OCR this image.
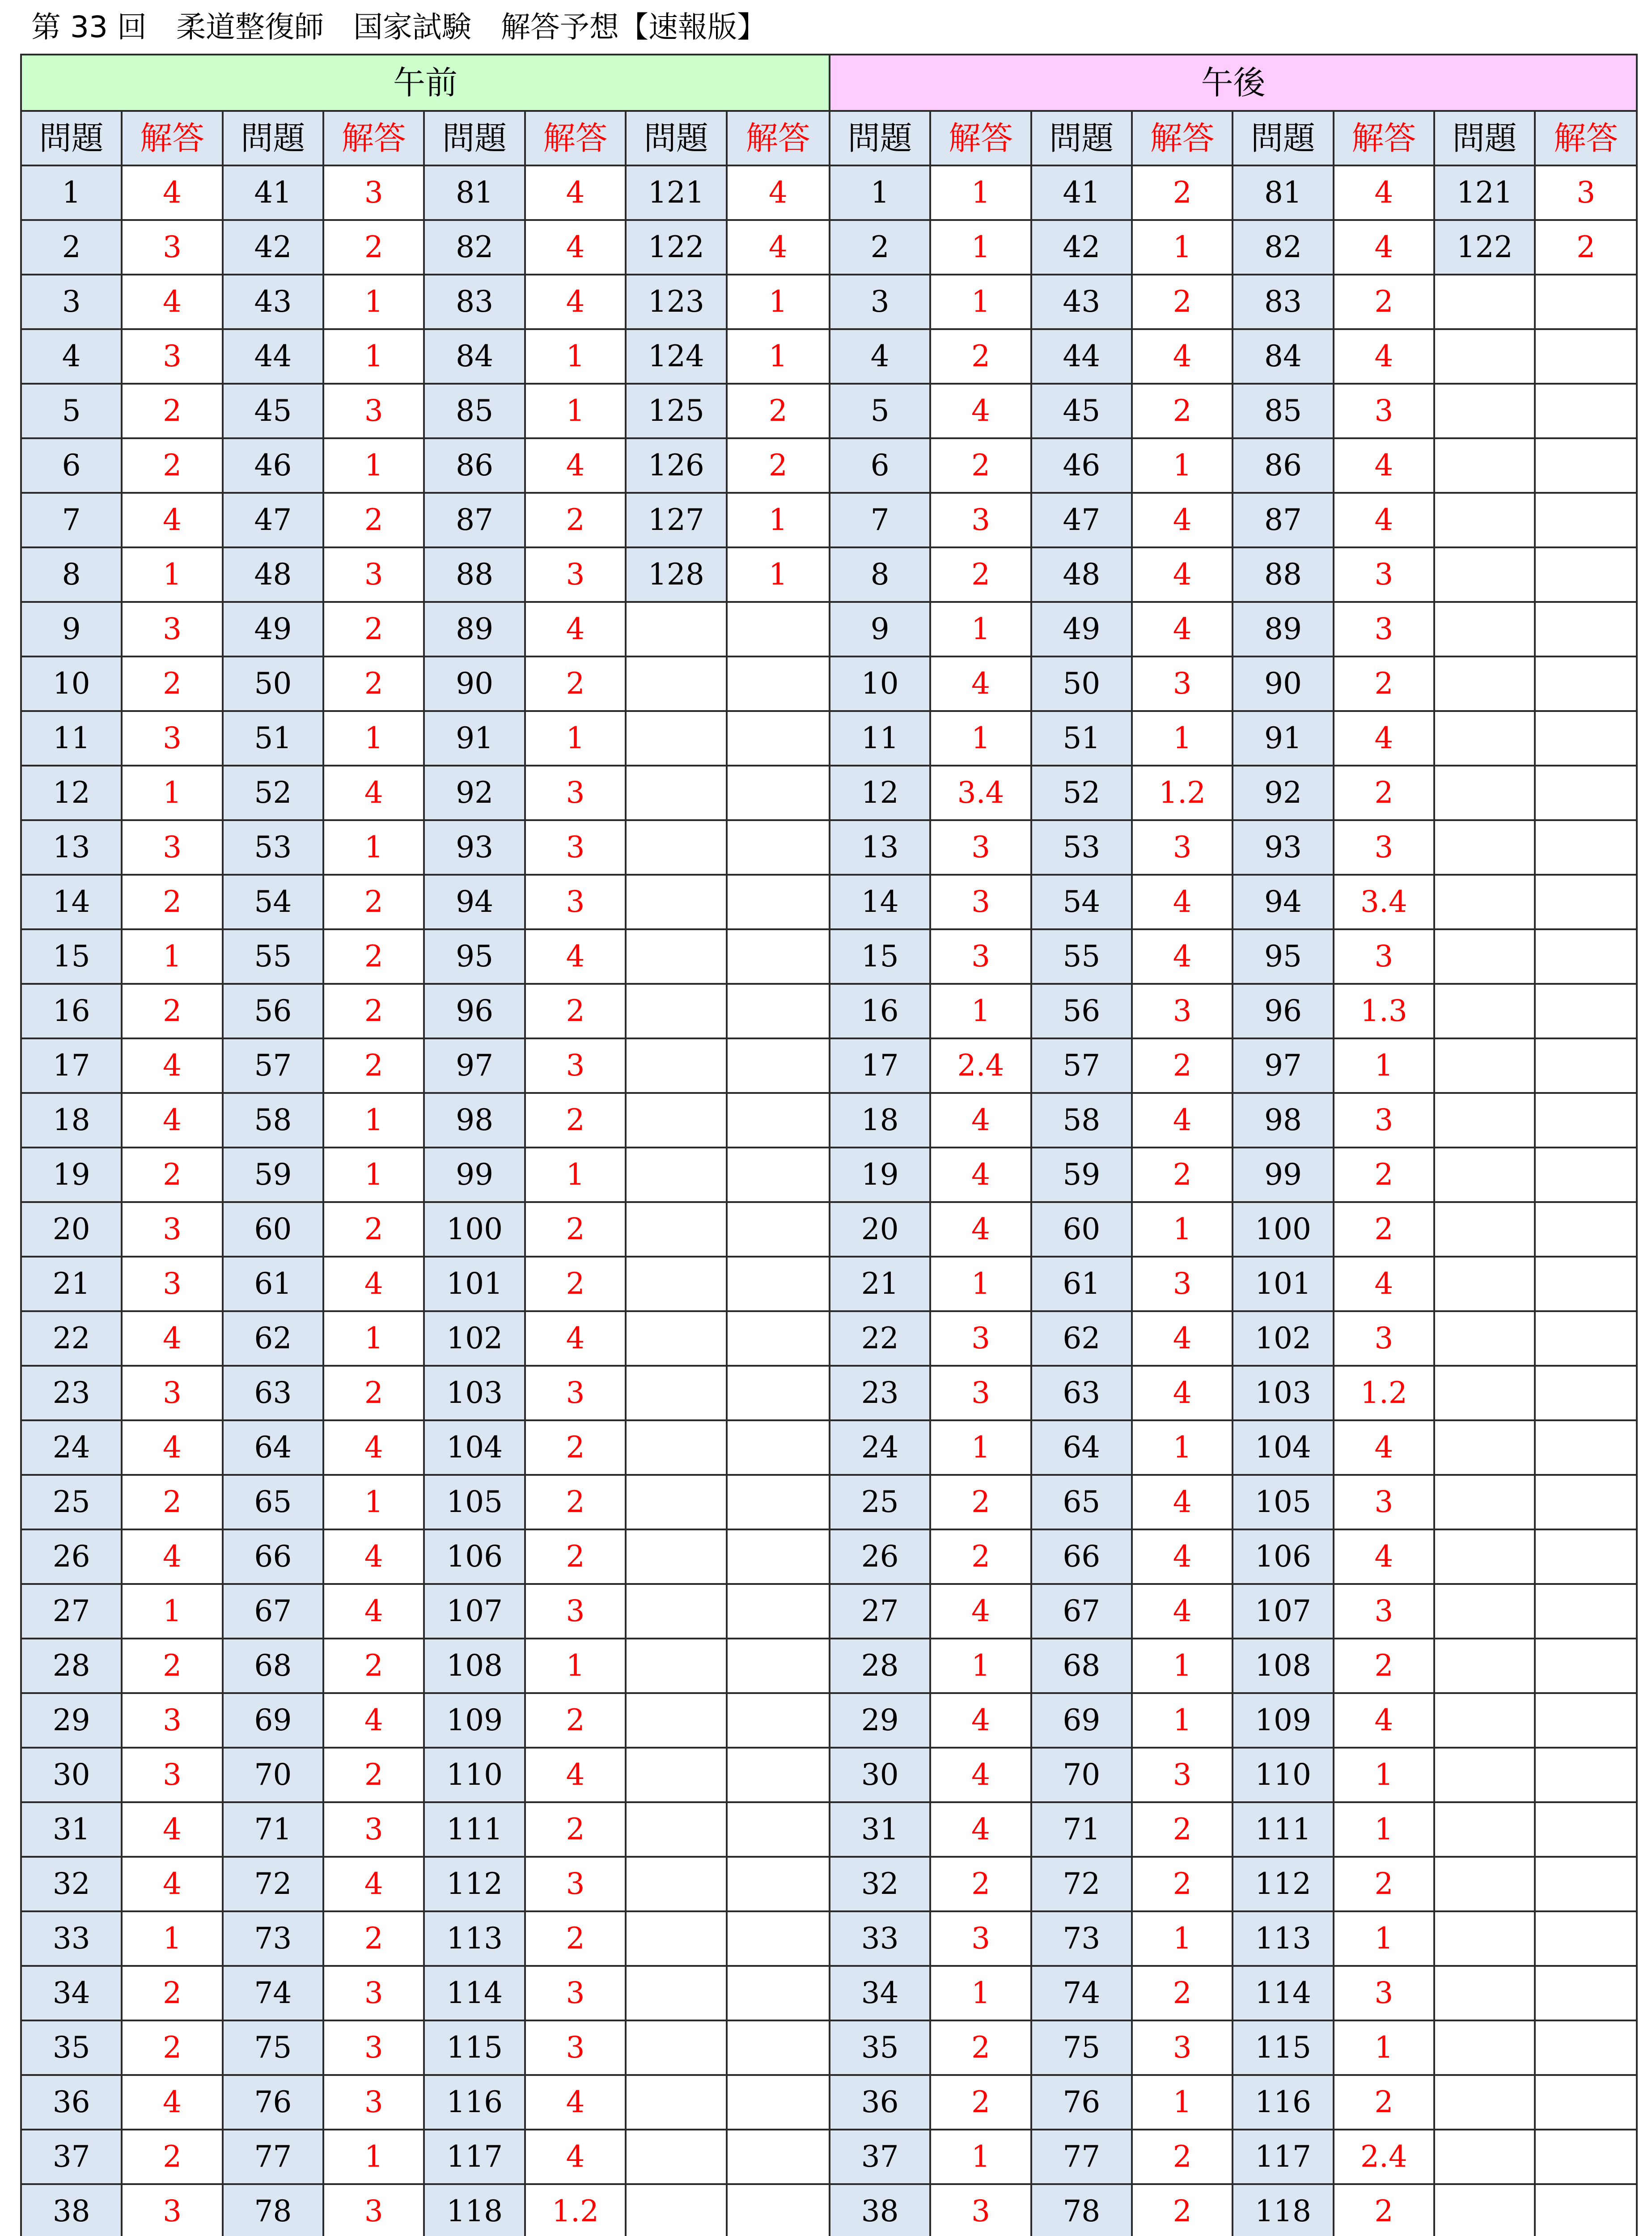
第 33 回　柔道整復師　国家試験　解答予想【速報版】
午前								午後							
問題	解答	問題	解答	問題	解答	問題	解答	問題	解答	問題	解答	問題	解答	問題	解答
1	4	41	3	81	4	121	4	1	1	41	2	81	4	121	3
2	3	42	2	82	4	122	4	2	1	42	1	82	4	122	2
3	4	43	1	83	4	123	1	3	1	43	2	83	2		
4	3	44	1	84	1	124	1	4	2	44	4	84	4		
5	2	45	3	85	1	125	2	5	4	45	2	85	3		
6	2	46	1	86	4	126	2	6	2	46	1	86	4		
7	4	47	2	87	2	127	1	7	3	47	4	87	4		
8	1	48	3	88	3	128	1	8	2	48	4	88	3		
9	3	49	2	89	4			9	1	49	4	89	3		
10	2	50	2	90	2			10	4	50	3	90	2		
11	3	51	1	91	1			11	1	51	1	91	4		
12	1	52	4	92	3			12	3.4	52	1.2	92	2		
13	3	53	1	93	3			13	3	53	3	93	3		
14	2	54	2	94	3			14	3	54	4	94	3.4		
15	1	55	2	95	4			15	3	55	4	95	3		
16	2	56	2	96	2			16	1	56	3	96	1.3		
17	4	57	2	97	3			17	2.4	57	2	97	1		
18	4	58	1	98	2			18	4	58	4	98	3		
19	2	59	1	99	1			19	4	59	2	99	2		
20	3	60	2	100	2			20	4	60	1	100	2		
21	3	61	4	101	2			21	1	61	3	101	4		
22	4	62	1	102	4			22	3	62	4	102	3		
23	3	63	2	103	3			23	3	63	4	103	1.2		
24	4	64	4	104	2			24	1	64	1	104	4		
25	2	65	1	105	2			25	2	65	4	105	3		
26	4	66	4	106	2			26	2	66	4	106	4		
27	1	67	4	107	3			27	4	67	4	107	3		
28	2	68	2	108	1			28	1	68	1	108	2		
29	3	69	4	109	2			29	4	69	1	109	4		
30	3	70	2	110	4			30	4	70	3	110	1		
31	4	71	3	111	2			31	4	71	2	111	1		
32	4	72	4	112	3			32	2	72	2	112	2		
33	1	73	2	113	2			33	3	73	1	113	1		
34	2	74	3	114	3			34	1	74	2	114	3		
35	2	75	3	115	3			35	2	75	3	115	1		
36	4	76	3	116	4			36	2	76	1	116	2		
37	2	77	1	117	4			37	1	77	2	117	2.4		
38	3	78	3	118	1.2			38	3	78	2	118	2		
